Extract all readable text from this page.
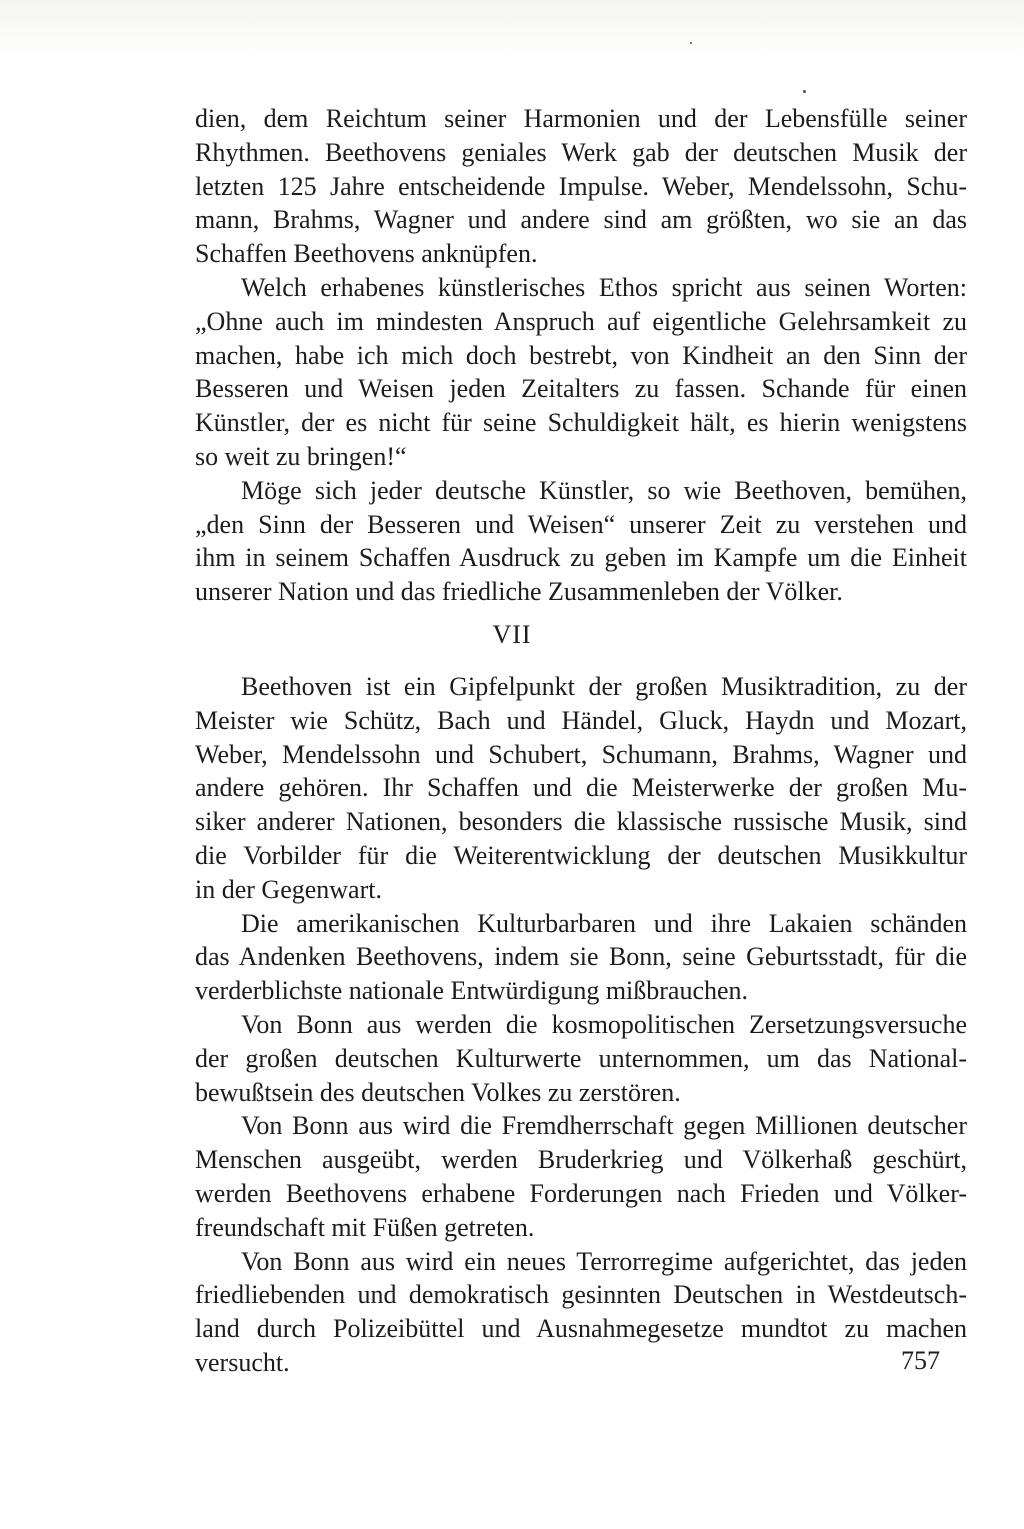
dien, dem Reichtum seiner Harmonien und der Lebensfülle seiner
Rhythmen. Beethovens geniales Werk gab der deutschen Musik der
letzten 125 Jahre entscheidende Impulse. Weber, Mendelssohn, Schu-
mann, Brahms, Wagner und andere sind am größten, wo sie an das
Schaffen Beethovens anknüpfen.
Welch erhabenes künstlerisches Ethos spricht aus seinen Worten:
„Ohne auch im mindesten Anspruch auf eigentliche Gelehrsamkeit zu
machen, habe ich mich doch bestrebt, von Kindheit an den Sinn der
Besseren und Weisen jeden Zeitalters zu fassen. Schande für einen
Künstler, der es nicht für seine Schuldigkeit hält, es hierin wenigstens
so weit zu bringen!“
Möge sich jeder deutsche Künstler, so wie Beethoven, bemühen,
„den Sinn der Besseren und Weisen“ unserer Zeit zu verstehen und
ihm in seinem Schaffen Ausdruck zu geben im Kampfe um die Einheit
unserer Nation und das friedliche Zusammenleben der Völker.
VII
Beethoven ist ein Gipfelpunkt der großen Musiktradition, zu der
Meister wie Schütz, Bach und Händel, Gluck, Haydn und Mozart,
Weber, Mendelssohn und Schubert, Schumann, Brahms, Wagner und
andere gehören. Ihr Schaffen und die Meisterwerke der großen Mu-
siker anderer Nationen, besonders die klassische russische Musik, sind
die Vorbilder für die Weiterentwicklung der deutschen Musikkultur
in der Gegenwart.
Die amerikanischen Kulturbarbaren und ihre Lakaien schänden
das Andenken Beethovens, indem sie Bonn, seine Geburtsstadt, für die
verderblichste nationale Entwürdigung mißbrauchen.
Von Bonn aus werden die kosmopolitischen Zersetzungsversuche
der großen deutschen Kulturwerte unternommen, um das National-
bewußtsein des deutschen Volkes zu zerstören.
Von Bonn aus wird die Fremdherrschaft gegen Millionen deutscher
Menschen ausgeübt, werden Bruderkrieg und Völkerhaß geschürt,
werden Beethovens erhabene Forderungen nach Frieden und Völker-
freundschaft mit Füßen getreten.
Von Bonn aus wird ein neues Terrorregime aufgerichtet, das jeden
friedliebenden und demokratisch gesinnten Deutschen in Westdeutsch-
land durch Polizeibüttel und Ausnahmegesetze mundtot zu machen
versucht.	757
